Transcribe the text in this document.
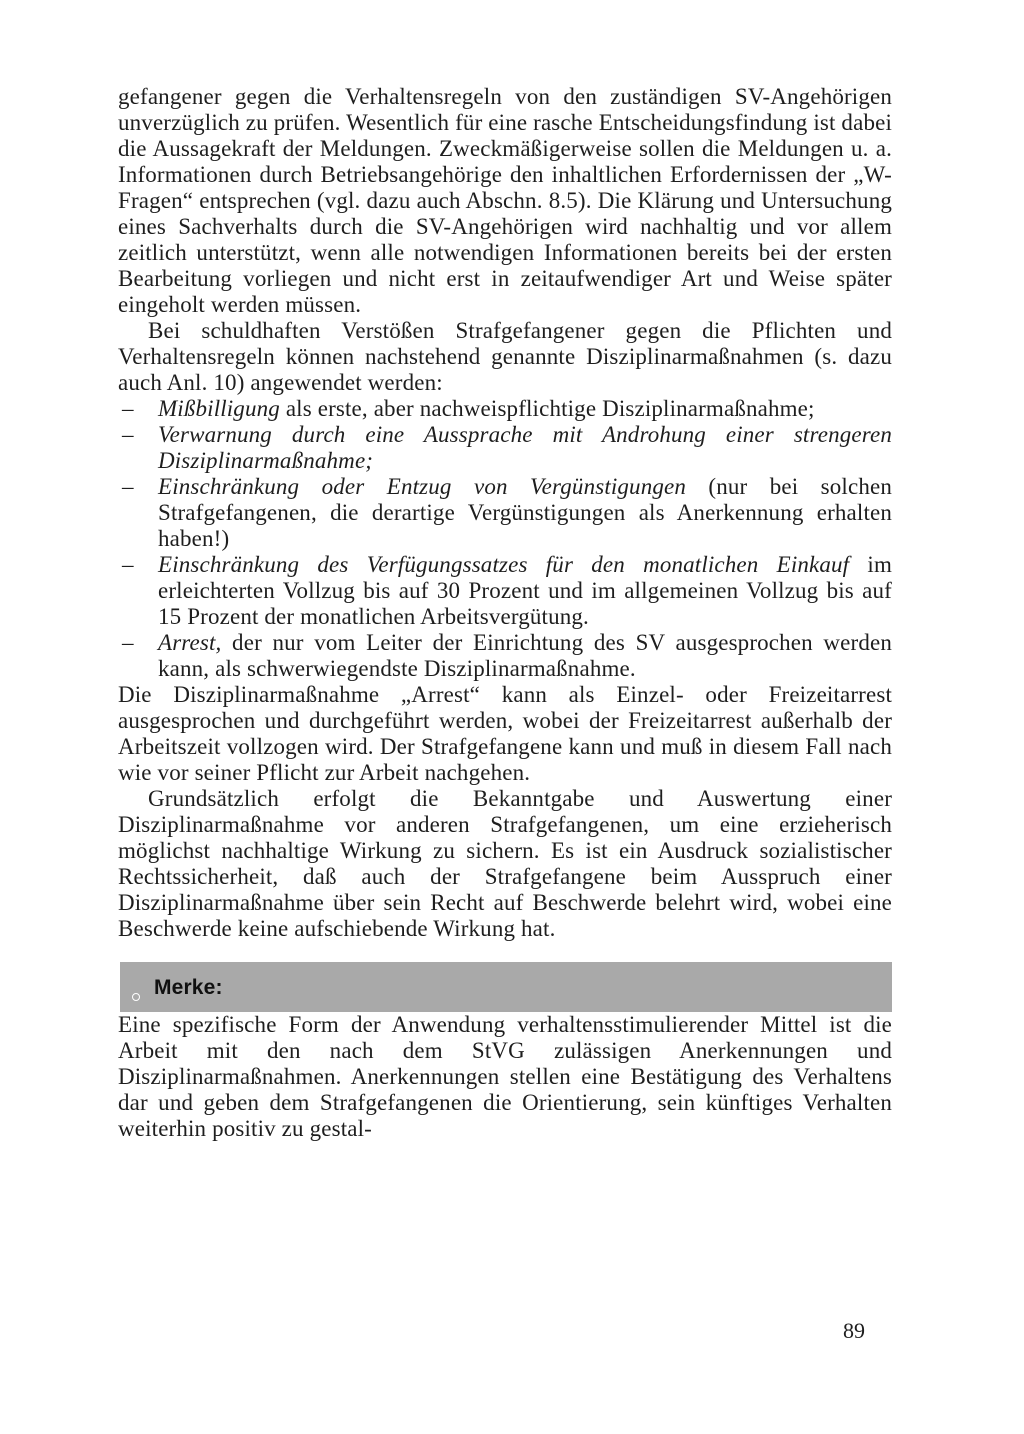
gefangener gegen die Verhaltensregeln von den zuständigen SV-Angehörigen unverzüglich zu prüfen. Wesentlich für eine rasche Entscheidungsfindung ist dabei die Aussagekraft der Meldungen. Zweckmäßigerweise sollen die Meldungen u. a. Informationen durch Betriebsangehörige den inhaltlichen Erfordernissen der „W-Fragen“ entsprechen (vgl. dazu auch Abschn. 8.5). Die Klärung und Untersuchung eines Sachverhalts durch die SV-Angehörigen wird nachhaltig und vor allem zeitlich unterstützt, wenn alle notwendigen Informationen bereits bei der ersten Bearbeitung vorliegen und nicht erst in zeitaufwendiger Art und Weise später eingeholt werden müssen.

Bei schuldhaften Verstößen Strafgefangener gegen die Pflichten und Verhaltensregeln können nachstehend genannte Disziplinarmaßnahmen (s. dazu auch Anl. 10) angewendet werden:

– Mißbilligung als erste, aber nachweispflichtige Disziplinarmaßnahme;
– Verwarnung durch eine Aussprache mit Androhung einer strengeren Disziplinarmaßnahme;
– Einschränkung oder Entzug von Vergünstigungen (nur bei solchen Strafgefangenen, die derartige Vergünstigungen als Anerkennung erhalten haben!)
– Einschränkung des Verfügungssatzes für den monatlichen Einkauf im erleichterten Vollzug bis auf 30 Prozent und im allgemeinen Vollzug bis auf 15 Prozent der monatlichen Arbeitsvergütung.
– Arrest, der nur vom Leiter der Einrichtung des SV ausgesprochen werden kann, als schwerwiegendste Disziplinarmaßnahme.

Die Disziplinarmaßnahme „Arrest“ kann als Einzel- oder Freizeitarrest ausgesprochen und durchgeführt werden, wobei der Freizeitarrest außerhalb der Arbeitszeit vollzogen wird. Der Strafgefangene kann und muß in diesem Fall nach wie vor seiner Pflicht zur Arbeit nachgehen.

Grundsätzlich erfolgt die Bekanntgabe und Auswertung einer Disziplinarmaßnahme vor anderen Strafgefangenen, um eine erzieherisch möglichst nachhaltige Wirkung zu sichern. Es ist ein Ausdruck sozialistischer Rechtssicherheit, daß auch der Strafgefangene beim Ausspruch einer Disziplinarmaßnahme über sein Recht auf Beschwerde belehrt wird, wobei eine Beschwerde keine aufschiebende Wirkung hat.

Merke:

Eine spezifische Form der Anwendung verhaltensstimulierender Mittel ist die Arbeit mit den nach dem StVG zulässigen Anerkennungen und Disziplinarmaßnahmen. Anerkennungen stellen eine Bestätigung des Verhaltens dar und geben dem Strafgefangenen die Orientierung, sein künftiges Verhalten weiterhin positiv zu gestal-

89
